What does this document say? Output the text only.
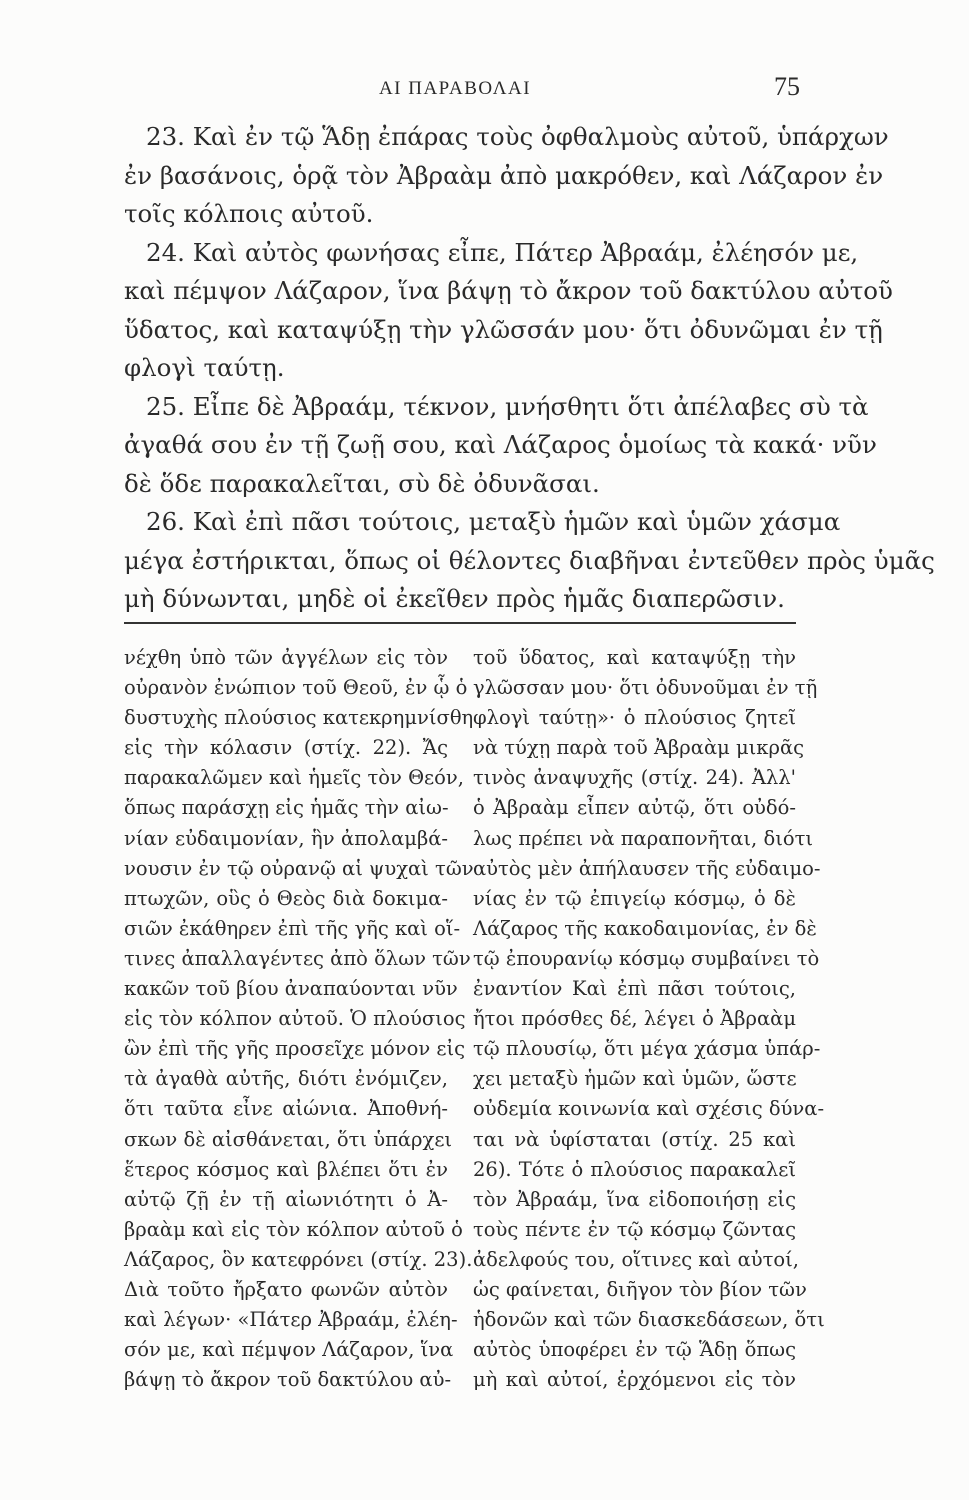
ΑΙ ΠΑΡΑΒΟΛΑΙ	75
23. Καὶ ἐν τῷ Ἅδῃ ἐπάρας τοὺς ὀφθαλμοὺς αὐτοῦ, ὑπάρχων
ἐν βασάνοις, ὁρᾷ τὸν Ἀβραὰμ ἀπὸ μακρόθεν, καὶ Λάζαρον ἐν
τοῖς κόλποις αὐτοῦ.
24. Καὶ αὐτὸς φωνήσας εἶπε, Πάτερ Ἀβραάμ, ἐλέησόν με,
καὶ πέμψον Λάζαρον, ἵνα βάψῃ τὸ ἄκρον τοῦ δακτύλου αὐτοῦ
ὕδατος, καὶ καταψύξῃ τὴν γλῶσσάν μου· ὅτι ὀδυνῶμαι ἐν τῇ
φλογὶ ταύτῃ.
25. Εἶπε δὲ Ἀβραάμ, τέκνον, μνήσθητι ὅτι ἀπέλαβες σὺ τὰ
ἀγαθά σου ἐν τῇ ζωῇ σου, καὶ Λάζαρος ὁμοίως τὰ κακά· νῦν
δὲ ὅδε παρακαλεῖται, σὺ δὲ ὀδυνᾶσαι.
26. Καὶ ἐπὶ πᾶσι τούτοις, μεταξὺ ἡμῶν καὶ ὑμῶν χάσμα
μέγα ἐστήρικται, ὅπως οἱ θέλοντες διαβῆναι ἐντεῦθεν πρὸς ὑμᾶς
μὴ δύνωνται, μηδὲ οἱ ἐκεῖθεν πρὸς ἡμᾶς διαπερῶσιν.
νέχθη ὑπὸ τῶν ἀγγέλων εἰς τὸν
οὐρανὸν ἐνώπιον τοῦ Θεοῦ, ἐν ᾧ ὁ
δυστυχὴς πλούσιος κατεκρημνίσθη
εἰς τὴν κόλασιν (στίχ. 22). Ἄς
παρακαλῶμεν καὶ ἡμεῖς τὸν Θεόν,
ὅπως παράσχῃ εἰς ἡμᾶς τὴν αἰω-
νίαν εὐδαιμονίαν, ἣν ἀπολαμβά-
νουσιν ἐν τῷ οὐρανῷ αἱ ψυχαὶ τῶν
πτωχῶν, οὓς ὁ Θεὸς διὰ δοκιμα-
σιῶν ἐκάθηρεν ἐπὶ τῆς γῆς καὶ οἵ-
τινες ἀπαλλαγέντες ἀπὸ ὅλων τῶν
κακῶν τοῦ βίου ἀναπαύονται νῦν
εἰς τὸν κόλπον αὐτοῦ. Ὁ πλούσιος
ὢν ἐπὶ τῆς γῆς προσεῖχε μόνον εἰς
τὰ ἀγαθὰ αὐτῆς, διότι ἐνόμιζεν,
ὅτι ταῦτα εἶνε αἰώνια. Ἀποθνή-
σκων δὲ αἰσθάνεται, ὅτι ὑπάρχει
ἕτερος κόσμος καὶ βλέπει ὅτι ἐν
αὐτῷ ζῇ ἐν τῇ αἰωνιότητι ὁ Ἀ-
βραὰμ καὶ εἰς τὸν κόλπον αὐτοῦ ὁ
Λάζαρος, ὃν κατεφρόνει (στίχ. 23).
Διὰ τοῦτο ἤρξατο φωνῶν αὐτὸν
καὶ λέγων· «Πάτερ Ἀβραάμ, ἐλέη-
σόν με, καὶ πέμψον Λάζαρον, ἵνα
βάψῃ τὸ ἄκρον τοῦ δακτύλου αὐ-
τοῦ ὕδατος, καὶ καταψύξῃ τὴν
γλῶσσαν μου· ὅτι ὀδυνοῦμαι ἐν τῇ
φλογὶ ταύτῃ»· ὁ πλούσιος ζητεῖ
νὰ τύχῃ παρὰ τοῦ Ἀβραὰμ μικρᾶς
τινὸς ἀναψυχῆς (στίχ. 24). Ἀλλ'
ὁ Ἀβραὰμ εἶπεν αὐτῷ, ὅτι οὐδό-
λως πρέπει νὰ παραπονῆται, διότι
αὐτὸς μὲν ἀπήλαυσεν τῆς εὐδαιμο-
νίας ἐν τῷ ἐπιγείῳ κόσμῳ, ὁ δὲ
Λάζαρος τῆς κακοδαιμονίας, ἐν δὲ
τῷ ἐπουρανίῳ κόσμῳ συμβαίνει τὸ
ἐναντίον Καὶ ἐπὶ πᾶσι τούτοις,
ἤτοι πρόσθες δέ, λέγει ὁ Ἀβραὰμ
τῷ πλουσίῳ, ὅτι μέγα χάσμα ὑπάρ-
χει μεταξὺ ἡμῶν καὶ ὑμῶν, ὥστε
οὐδεμία κοινωνία καὶ σχέσις δύνα-
ται νὰ ὑφίσταται (στίχ. 25 καὶ
26). Τότε ὁ πλούσιος παρακαλεῖ
τὸν Ἀβραάμ, ἵνα εἰδοποιήσῃ εἰς
τοὺς πέντε ἐν τῷ κόσμῳ ζῶντας
ἀδελφούς του, οἵτινες καὶ αὐτοί,
ὡς φαίνεται, διῆγον τὸν βίον τῶν
ἡδονῶν καὶ τῶν διασκεδάσεων, ὅτι
αὐτὸς ὑποφέρει ἐν τῷ Ἅδῃ ὅπως
μὴ καὶ αὐτοί, ἐρχόμενοι εἰς τὸν
